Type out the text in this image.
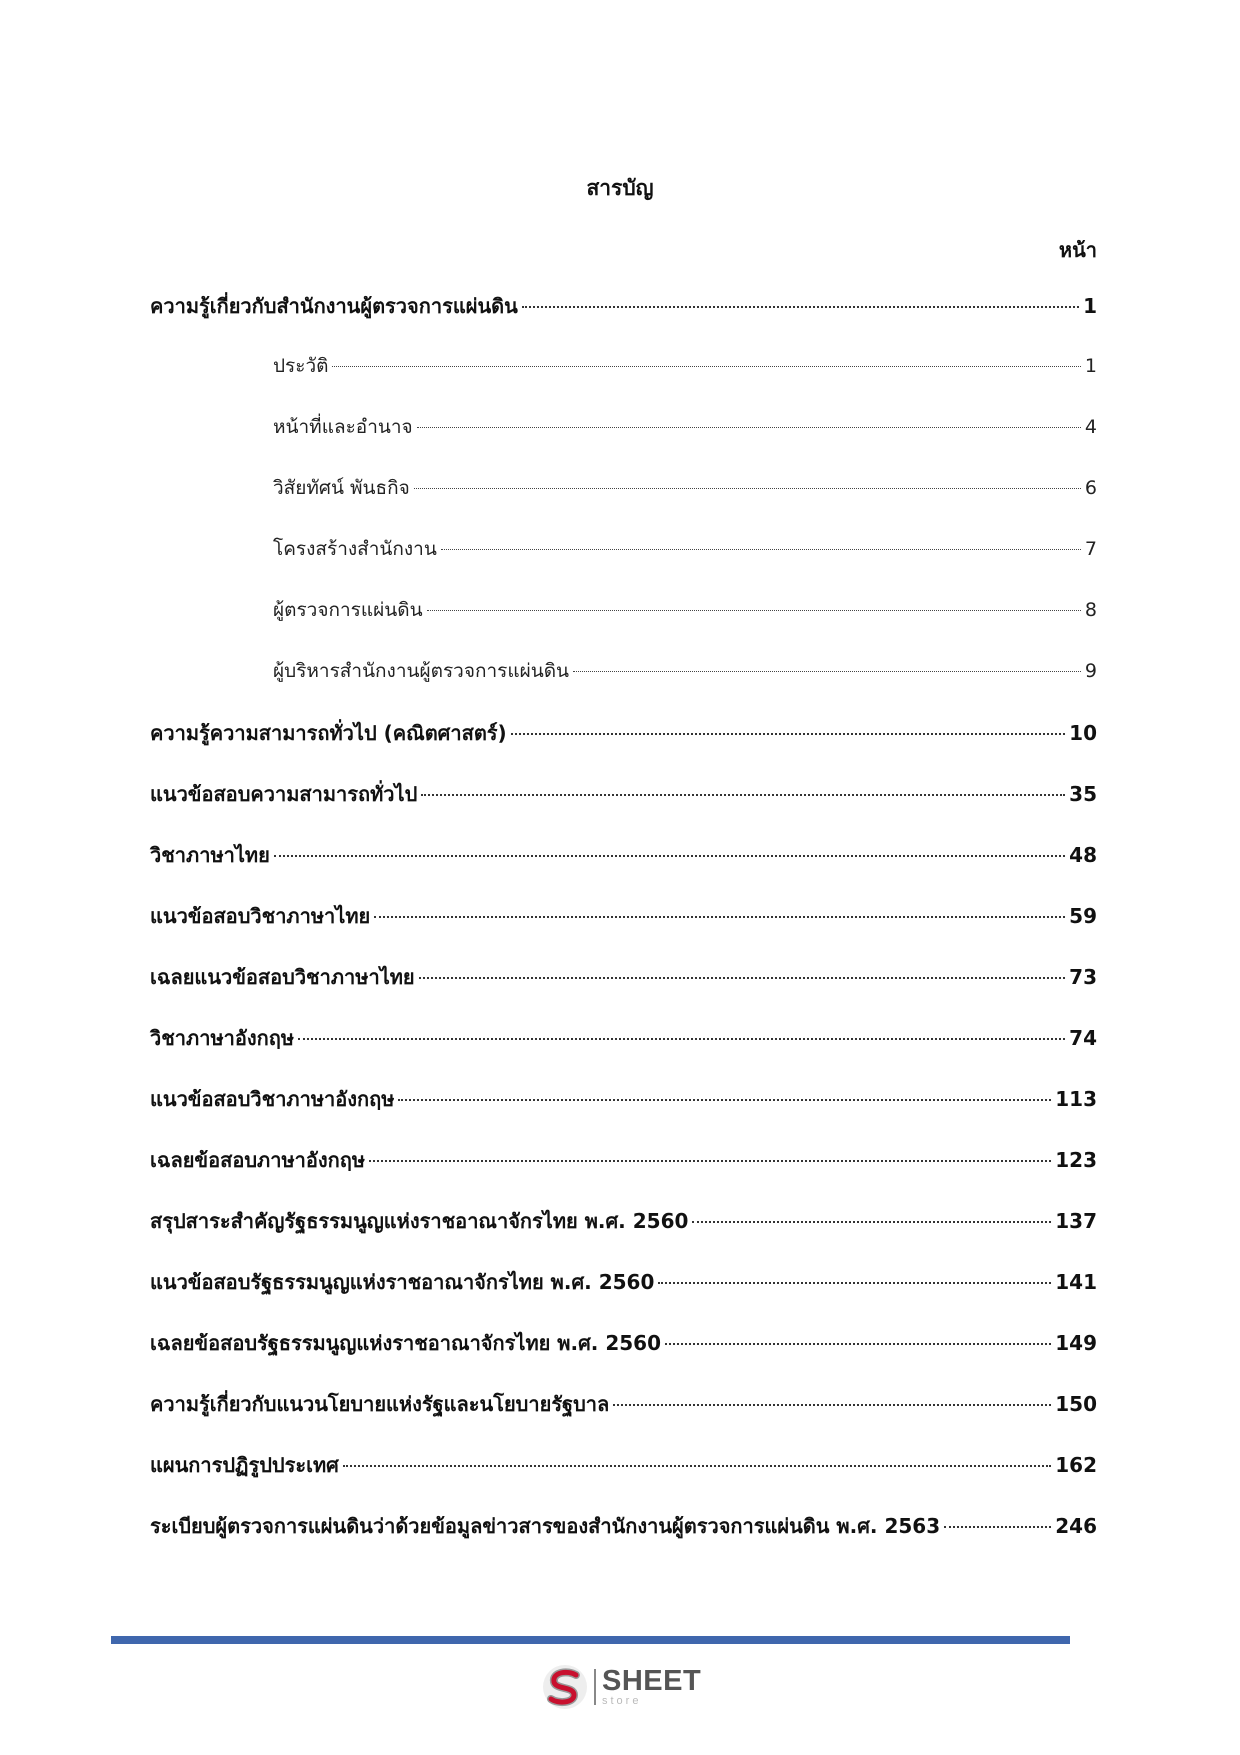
สารบัญ
หน้า
ความรู้เกี่ยวกับสำนักงานผู้ตรวจการแผ่นดิน	1
ประวัติ	1
หน้าที่และอำนาจ	4
วิสัยทัศน์ พันธกิจ	6
โครงสร้างสำนักงาน	7
ผู้ตรวจการแผ่นดิน	8
ผู้บริหารสำนักงานผู้ตรวจการแผ่นดิน	9
ความรู้ความสามารถทั่วไป (คณิตศาสตร์)	10
แนวข้อสอบความสามารถทั่วไป	35
วิชาภาษาไทย	48
แนวข้อสอบวิชาภาษาไทย	59
เฉลยแนวข้อสอบวิชาภาษาไทย	73
วิชาภาษาอังกฤษ	74
แนวข้อสอบวิชาภาษาอังกฤษ	113
เฉลยข้อสอบภาษาอังกฤษ	123
สรุปสาระสำคัญรัฐธรรมนูญแห่งราชอาณาจักรไทย พ.ศ. 2560	137
แนวข้อสอบรัฐธรรมนูญแห่งราชอาณาจักรไทย พ.ศ. 2560	141
เฉลยข้อสอบรัฐธรรมนูญแห่งราชอาณาจักรไทย พ.ศ. 2560	149
ความรู้เกี่ยวกับแนวนโยบายแห่งรัฐและนโยบายรัฐบาล	150
แผนการปฏิรูปประเทศ	162
ระเบียบผู้ตรวจการแผ่นดินว่าด้วยข้อมูลข่าวสารของสำนักงานผู้ตรวจการแผ่นดิน พ.ศ. 2563	246
SHEET
store
